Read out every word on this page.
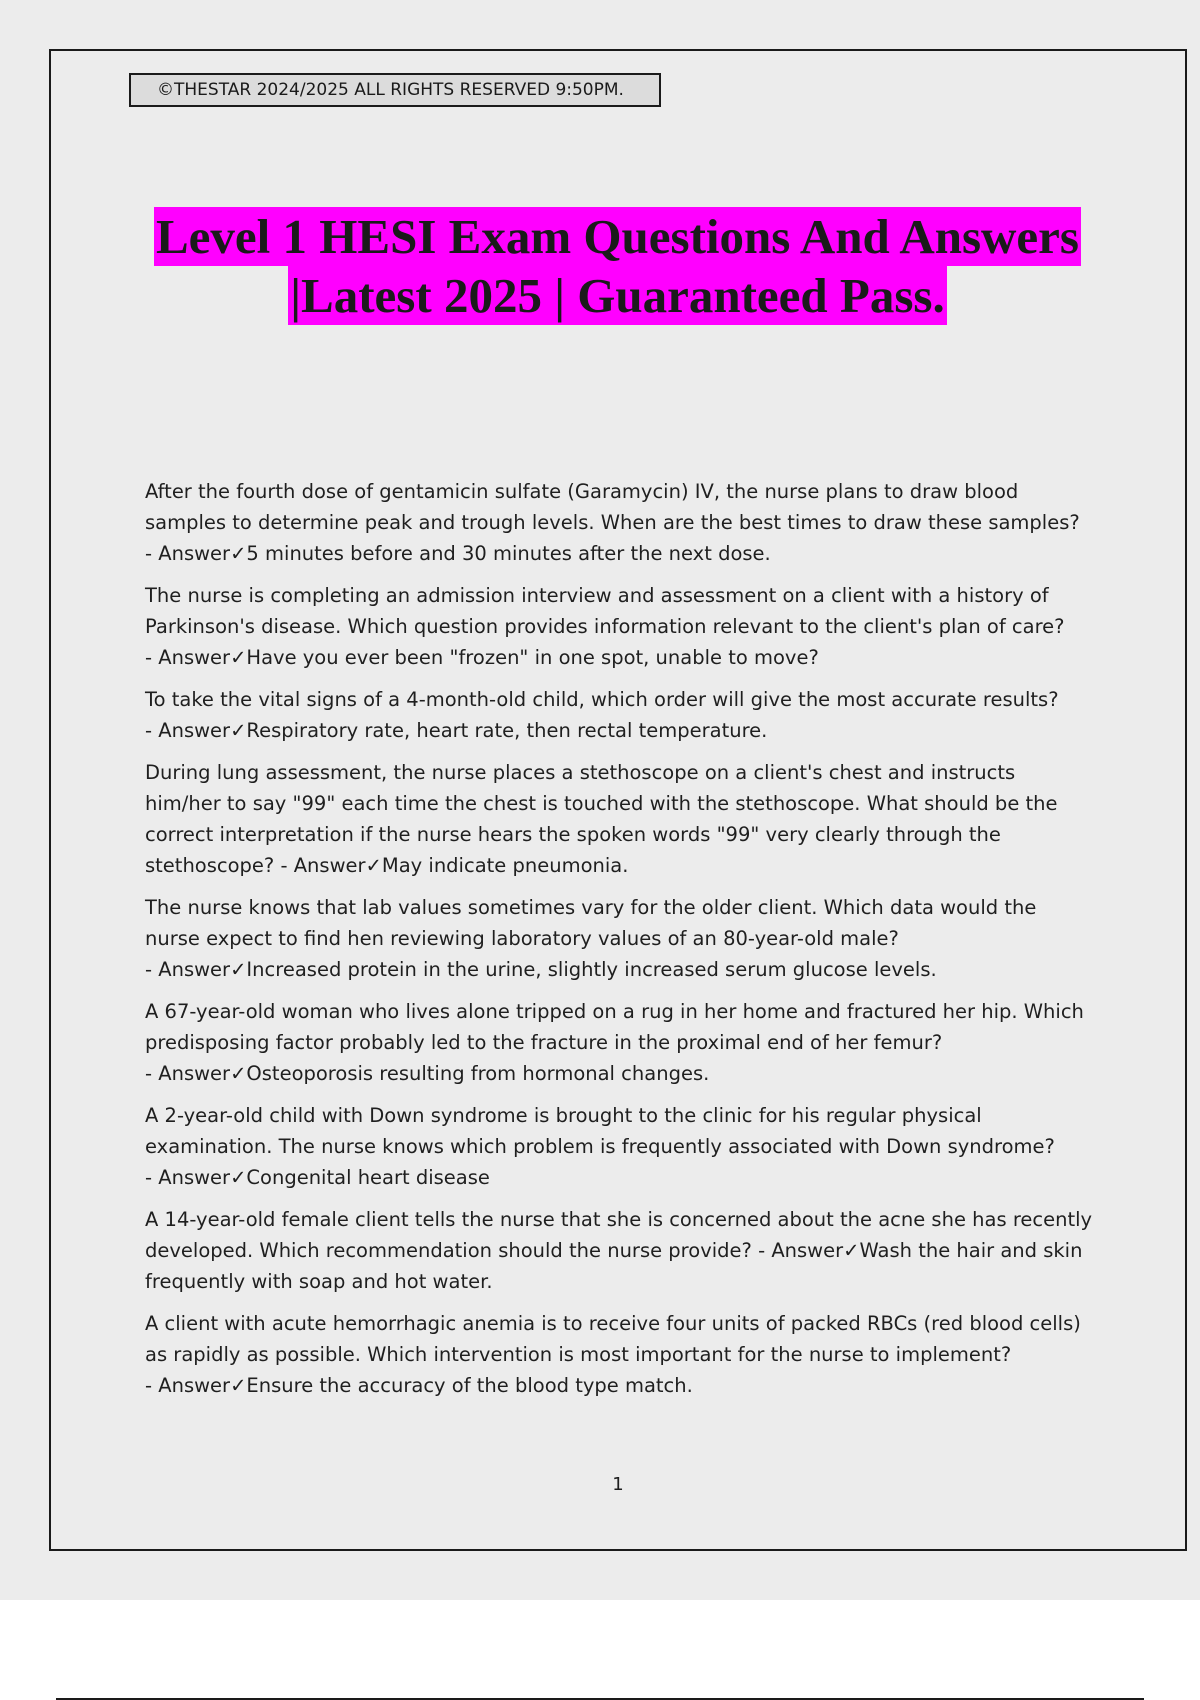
©THESTAR 2024/2025 ALL RIGHTS RESERVED 9:50PM.
Level 1 HESI Exam Questions And Answers
|Latest 2025 | Guaranteed Pass.

After the fourth dose of gentamicin sulfate (Garamycin) IV, the nurse plans to draw blood samples to determine peak and trough levels. When are the best times to draw these samples? - Answer✓5 minutes before and 30 minutes after the next dose.

The nurse is completing an admission interview and assessment on a client with a history of Parkinson's disease. Which question provides information relevant to the client's plan of care? - Answer✓Have you ever been "frozen" in one spot, unable to move?

To take the vital signs of a 4-month-old child, which order will give the most accurate results? - Answer✓Respiratory rate, heart rate, then rectal temperature.

During lung assessment, the nurse places a stethoscope on a client's chest and instructs him/her to say "99" each time the chest is touched with the stethoscope. What should be the correct interpretation if the nurse hears the spoken words "99" very clearly through the stethoscope? - Answer✓May indicate pneumonia.

The nurse knows that lab values sometimes vary for the older client. Which data would the nurse expect to find hen reviewing laboratory values of an 80-year-old male? - Answer✓Increased protein in the urine, slightly increased serum glucose levels.

A 67-year-old woman who lives alone tripped on a rug in her home and fractured her hip. Which predisposing factor probably led to the fracture in the proximal end of her femur? - Answer✓Osteoporosis resulting from hormonal changes.

A 2-year-old child with Down syndrome is brought to the clinic for his regular physical examination. The nurse knows which problem is frequently associated with Down syndrome? - Answer✓Congenital heart disease

A 14-year-old female client tells the nurse that she is concerned about the acne she has recently developed. Which recommendation should the nurse provide? - Answer✓Wash the hair and skin frequently with soap and hot water.

A client with acute hemorrhagic anemia is to receive four units of packed RBCs (red blood cells) as rapidly as possible. Which intervention is most important for the nurse to implement? - Answer✓Ensure the accuracy of the blood type match.

1
